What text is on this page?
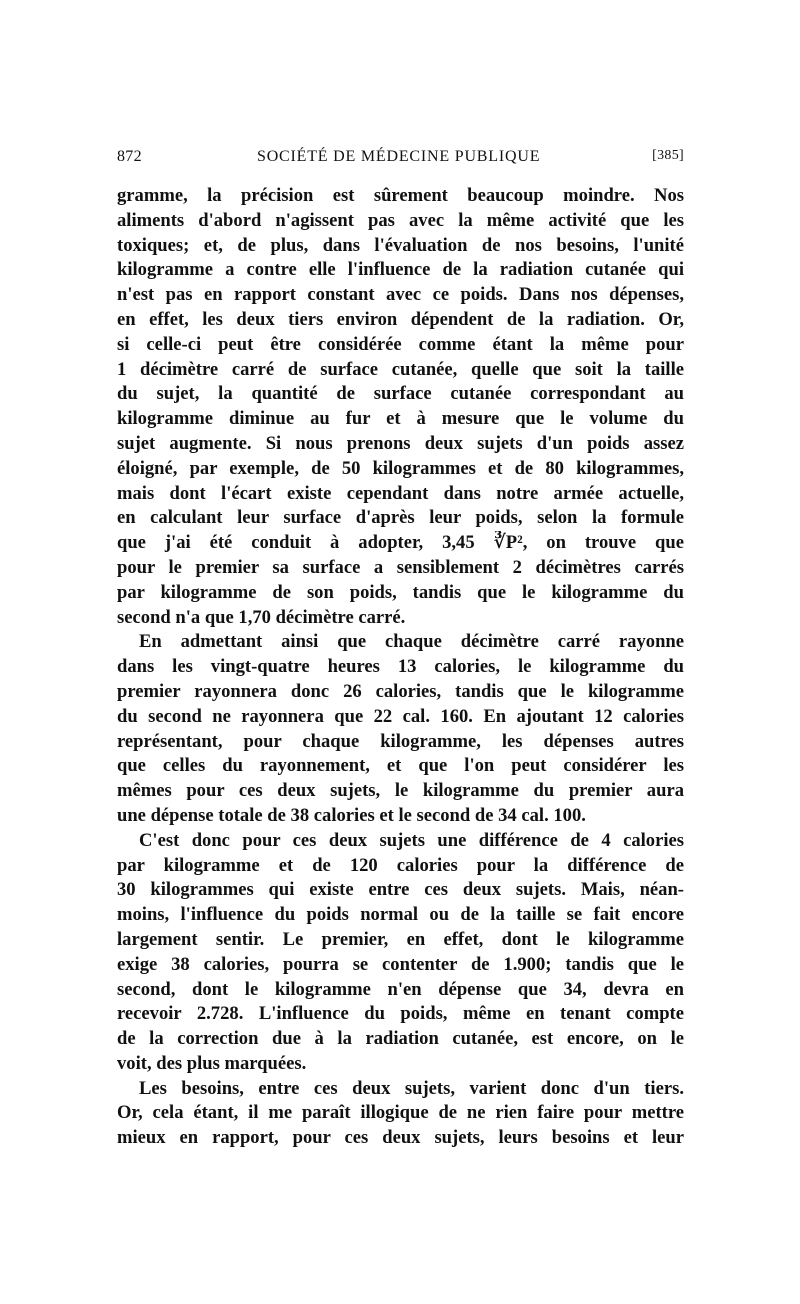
872	SOCIÉTÉ DE MÉDECINE PUBLIQUE	[385]
gramme, la précision est sûrement beaucoup moindre. Nos
aliments d'abord n'agissent pas avec la même activité que les
toxiques; et, de plus, dans l'évaluation de nos besoins, l'unité
kilogramme a contre elle l'influence de la radiation cutanée qui
n'est pas en rapport constant avec ce poids. Dans nos dépenses,
en effet, les deux tiers environ dépendent de la radiation. Or,
si celle-ci peut être considérée comme étant la même pour
1 décimètre carré de surface cutanée, quelle que soit la taille
du sujet, la quantité de surface cutanée correspondant au
kilogramme diminue au fur et à mesure que le volume du
sujet augmente. Si nous prenons deux sujets d'un poids assez
éloigné, par exemple, de 50 kilogrammes et de 80 kilogrammes,
mais dont l'écart existe cependant dans notre armée actuelle,
en calculant leur surface d'après leur poids, selon la formule
que j'ai été conduit à adopter, 3,45 ∛P², on trouve que
pour le premier sa surface a sensiblement 2 décimètres carrés
par kilogramme de son poids, tandis que le kilogramme du
second n'a que 1,70 décimètre carré.
En admettant ainsi que chaque décimètre carré rayonne
dans les vingt-quatre heures 13 calories, le kilogramme du
premier rayonnera donc 26 calories, tandis que le kilogramme
du second ne rayonnera que 22 cal. 160. En ajoutant 12 calories
représentant, pour chaque kilogramme, les dépenses autres
que celles du rayonnement, et que l'on peut considérer les
mêmes pour ces deux sujets, le kilogramme du premier aura
une dépense totale de 38 calories et le second de 34 cal. 100.
C'est donc pour ces deux sujets une différence de 4 calories
par kilogramme et de 120 calories pour la différence de
30 kilogrammes qui existe entre ces deux sujets. Mais, néan-
moins, l'influence du poids normal ou de la taille se fait encore
largement sentir. Le premier, en effet, dont le kilogramme
exige 38 calories, pourra se contenter de 1.900; tandis que le
second, dont le kilogramme n'en dépense que 34, devra en
recevoir 2.728. L'influence du poids, même en tenant compte
de la correction due à la radiation cutanée, est encore, on le
voit, des plus marquées.
Les besoins, entre ces deux sujets, varient donc d'un tiers.
Or, cela étant, il me paraît illogique de ne rien faire pour mettre
mieux en rapport, pour ces deux sujets, leurs besoins et leur
